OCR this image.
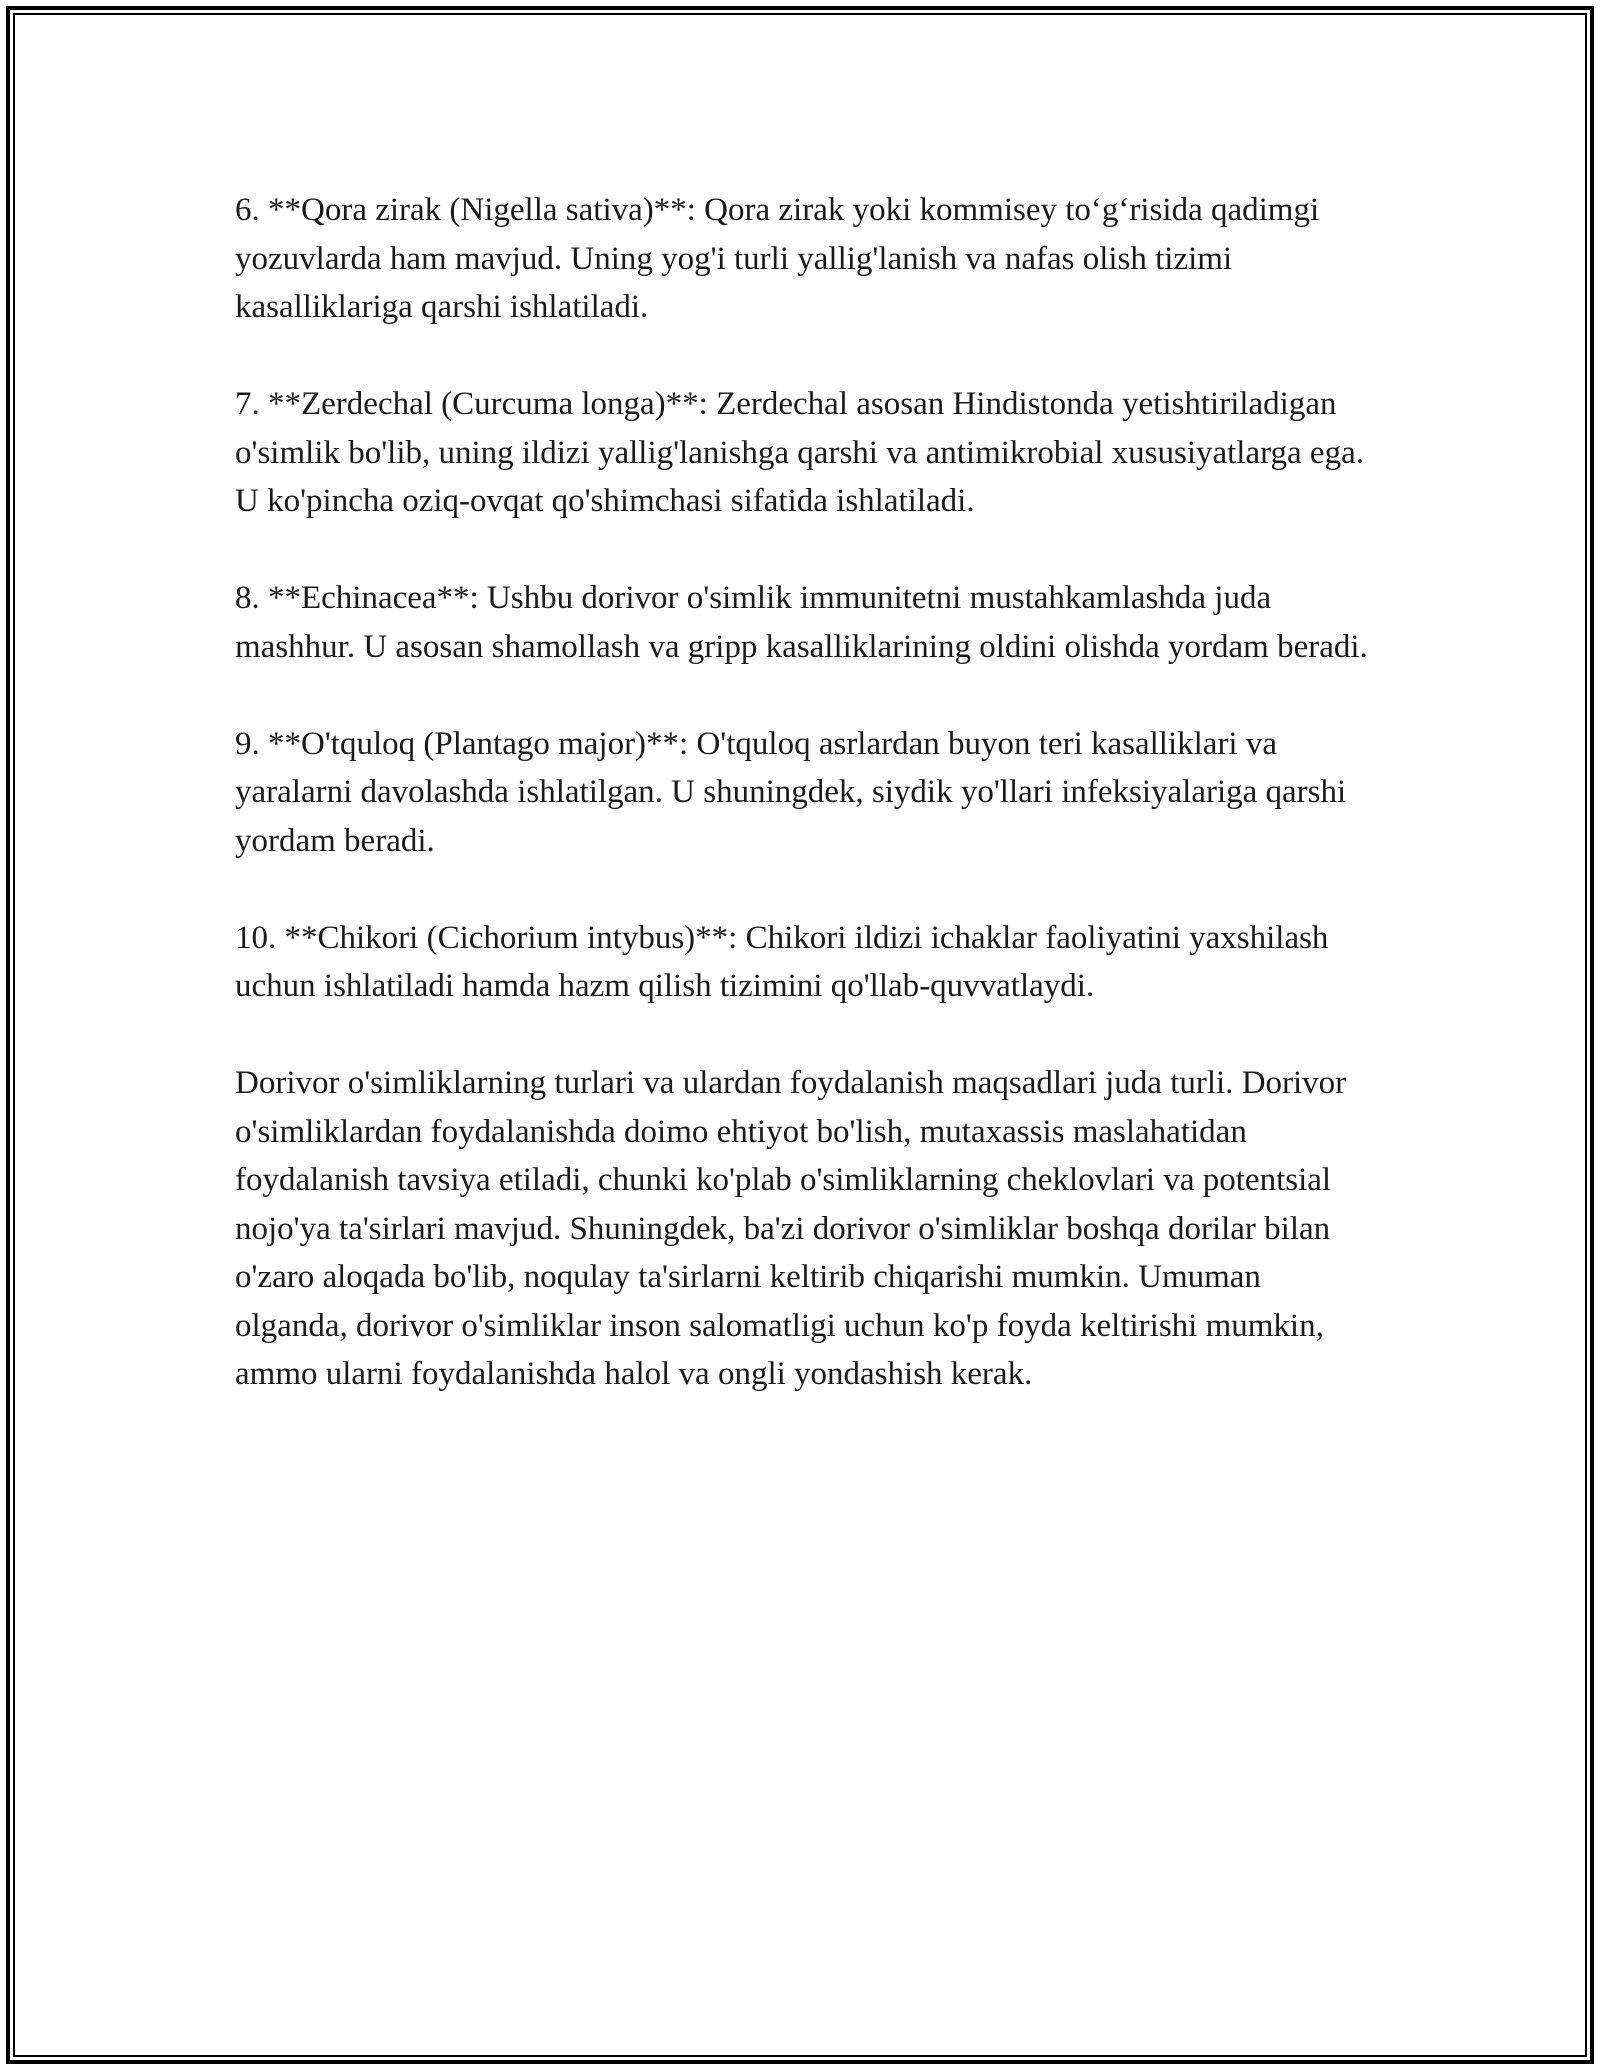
6. **Qora zirak (Nigella sativa)**: Qora zirak yoki kommisey to‘g‘risida qadimgi yozuvlarda ham mavjud. Uning yog'i turli yallig'lanish va nafas olish tizimi kasalliklariga qarshi ishlatiladi.

7. **Zerdechal (Curcuma longa)**: Zerdechal asosan Hindistonda yetishtiriladigan o'simlik bo'lib, uning ildizi yallig'lanishga qarshi va antimikrobial xususiyatlarga ega. U ko'pincha oziq-ovqat qo'shimchasi sifatida ishlatiladi.

8. **Echinacea**: Ushbu dorivor o'simlik immunitetni mustahkamlashda juda mashhur. U asosan shamollash va gripp kasalliklarining oldini olishda yordam beradi.

9. **O'tquloq (Plantago major)**: O'tquloq asrlardan buyon teri kasalliklari va yaralarni davolashda ishlatilgan. U shuningdek, siydik yo'llari infeksiyalariga qarshi yordam beradi.

10. **Chikori (Cichorium intybus)**: Chikori ildizi ichaklar faoliyatini yaxshilash uchun ishlatiladi hamda hazm qilish tizimini qo'llab-quvvatlaydi.

Dorivor o'simliklarning turlari va ulardan foydalanish maqsadlari juda turli. Dorivor o'simliklardan foydalanishda doimo ehtiyot bo'lish, mutaxassis maslahatidan foydalanish tavsiya etiladi, chunki ko'plab o'simliklarning cheklovlari va potentsial nojo'ya ta'sirlari mavjud. Shuningdek, ba'zi dorivor o'simliklar boshqa dorilar bilan o'zaro aloqada bo'lib, noqulay ta'sirlarni keltirib chiqarishi mumkin. Umuman olganda, dorivor o'simliklar inson salomatligi uchun ko'p foyda keltirishi mumkin, ammo ularni foydalanishda halol va ongli yondashish kerak.
